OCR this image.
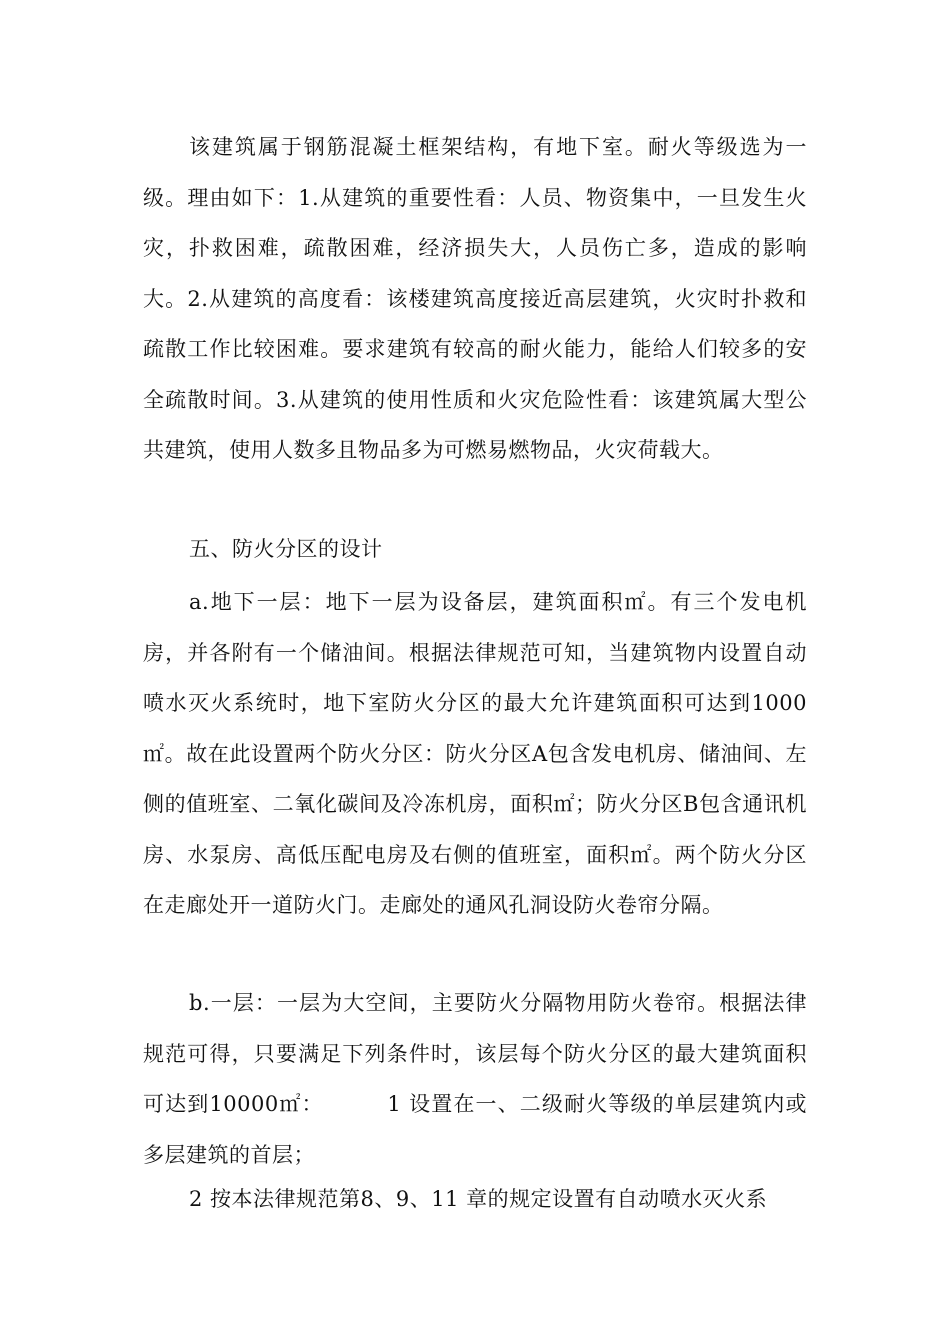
该建筑属于钢筋混凝土框架结构，有地下室。耐火等级选为一级。理由如下：1.从建筑的重要性看：人员、物资集中，一旦发生火灾，扑救困难，疏散困难，经济损失大，人员伤亡多，造成的影响大。2.从建筑的高度看：该楼建筑高度接近高层建筑，火灾时扑救和疏散工作比较困难。要求建筑有较高的耐火能力，能给人们较多的安全疏散时间。3.从建筑的使用性质和火灾危险性看：该建筑属大型公共建筑，使用人数多且物品多为可燃易燃物品，火灾荷载大。

五、防火分区的设计

a.地下一层：地下一层为设备层，建筑面积㎡。有三个发电机房，并各附有一个储油间。根据法律规范可知，当建筑物内设置自动喷水灭火系统时，地下室防火分区的最大允许建筑面积可达到1000㎡。故在此设置两个防火分区：防火分区A包含发电机房、储油间、左侧的值班室、二氧化碳间及冷冻机房，面积㎡；防火分区B包含通讯机房、水泵房、高低压配电房及右侧的值班室，面积㎡。两个防火分区在走廊处开一道防火门。走廊处的通风孔洞设防火卷帘分隔。

b.一层：一层为大空间，主要防火分隔物用防火卷帘。根据法律规范可得，只要满足下列条件时，该层每个防火分区的最大建筑面积可达到10000㎡：　　　 1 设置在一、二级耐火等级的单层建筑内或多层建筑的首层；

2 按本法律规范第8、9、11 章的规定设置有自动喷水灭火系
